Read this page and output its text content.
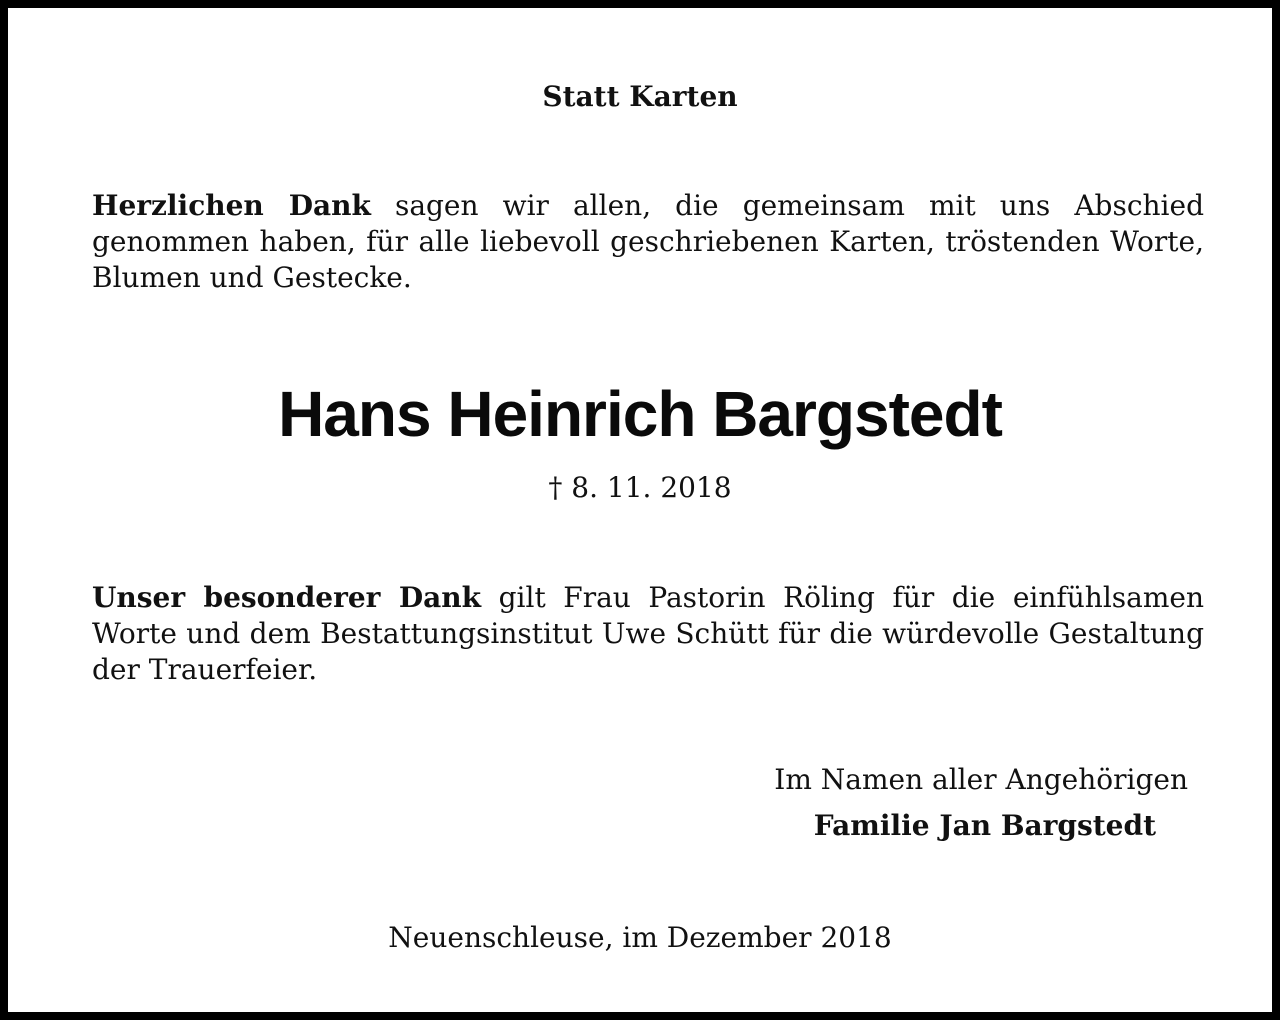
Statt Karten

Herzlichen Dank sagen wir allen, die gemeinsam mit uns Abschied genommen haben, für alle liebevoll geschriebenen Karten, tröstenden Worte, Blumen und Gestecke.

Hans Heinrich Bargstedt
† 8. 11. 2018

Unser besonderer Dank gilt Frau Pastorin Röling für die einfühlsamen Worte und dem Bestattungsinstitut Uwe Schütt für die würdevolle Gestaltung der Trauerfeier.

Im Namen aller Angehörigen
Familie Jan Bargstedt
Neuenschleuse, im Dezember 2018
